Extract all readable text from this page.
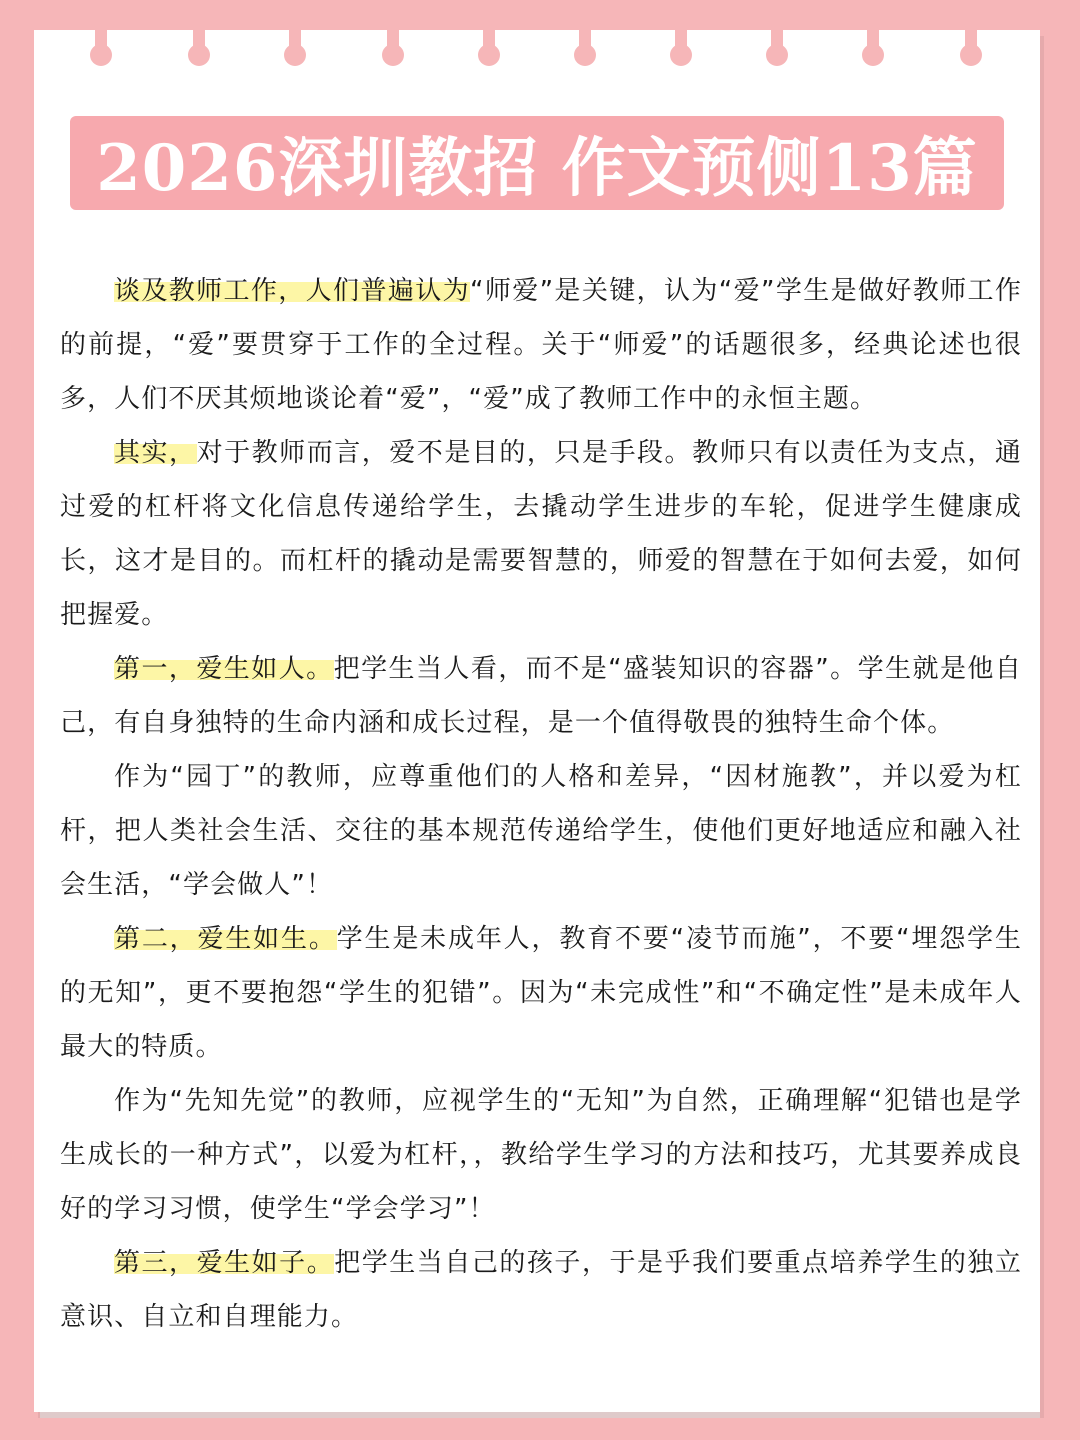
2026深圳教招 作文预侧13篇

谈及教师工作，人们普遍认为“师爱”是关键，认为“爱”学生是做好教师工作的前提，“爱”要贯穿于工作的全过程。关于“师爱”的话题很多，经典论述也很多，人们不厌其烦地谈论着“爱”，“爱”成了教师工作中的永恒主题。

其实，对于教师而言，爱不是目的，只是手段。教师只有以责任为支点，通过爱的杠杆将文化信息传递给学生，去撬动学生进步的车轮，促进学生健康成长，这才是目的。而杠杆的撬动是需要智慧的，师爱的智慧在于如何去爱，如何把握爱。

第一，爱生如人。把学生当人看，而不是“盛装知识的容器”。学生就是他自己，有自身独特的生命内涵和成长过程，是一个值得敬畏的独特生命个体。

作为“园丁”的教师，应尊重他们的人格和差异，“因材施教”，并以爱为杠杆，把人类社会生活、交往的基本规范传递给学生，使他们更好地适应和融入社会生活，“学会做人”！

第二，爱生如生。学生是未成年人，教育不要“凌节而施”，不要“埋怨学生的无知”，更不要抱怨“学生的犯错”。因为“未完成性”和“不确定性”是未成年人最大的特质。

作为“先知先觉”的教师，应视学生的“无知”为自然，正确理解“犯错也是学生成长的一种方式”，以爱为杠杆，，教给学生学习的方法和技巧，尤其要养成良好的学习习惯，使学生“学会学习”！

第三，爱生如子。把学生当自己的孩子，于是乎我们要重点培养学生的独立意识、自立和自理能力。
